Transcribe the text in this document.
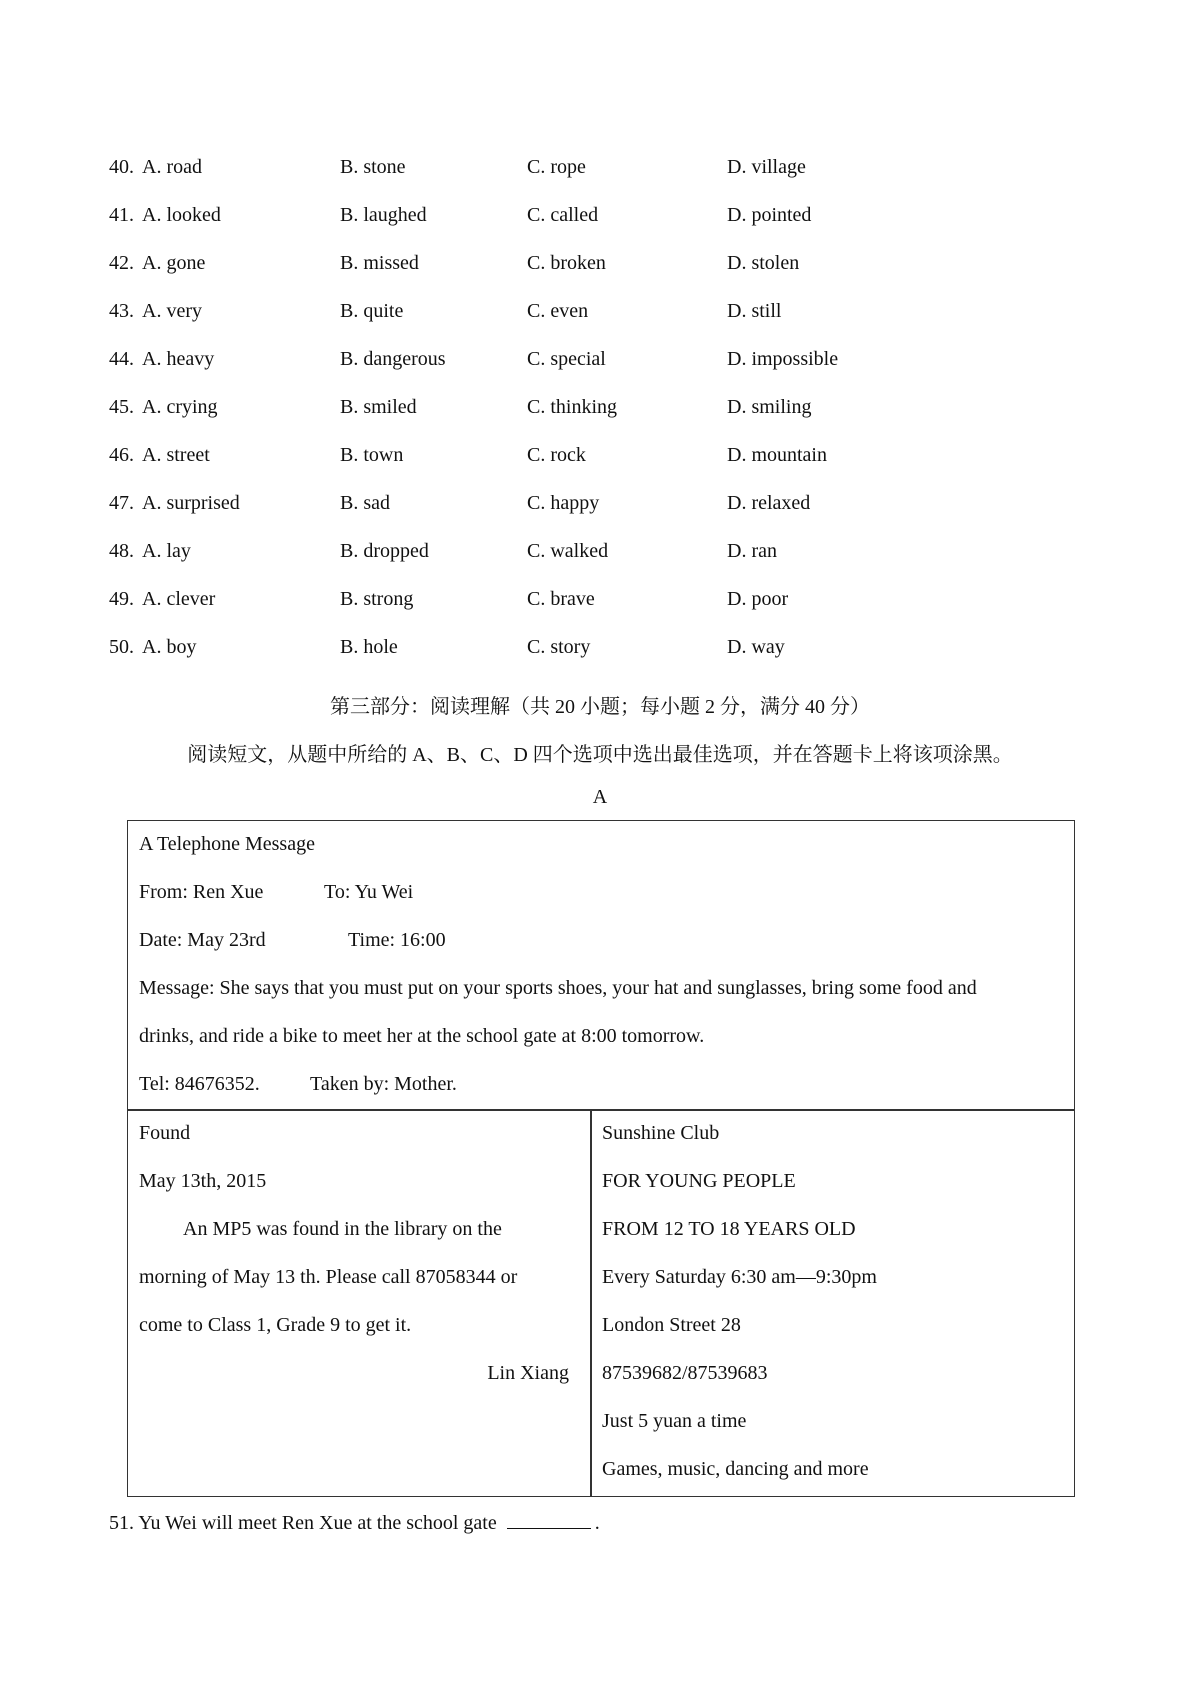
40. A. road	B. stone	C. rope	D. village
41. A. looked	B. laughed	C. called	D. pointed
42. A. gone	B. missed	C. broken	D. stolen
43. A. very	B. quite	C. even	D. still
44. A. heavy	B. dangerous	C. special	D. impossible
45. A. crying	B. smiled	C. thinking	D. smiling
46. A. street	B. town	C. rock	D. mountain
47. A. surprised	B. sad	C. happy	D. relaxed
48. A. lay	B. dropped	C. walked	D. ran
49. A. clever	B. strong	C. brave	D. poor
50. A. boy	B. hole	C. story	D. way
第三部分：阅读理解（共 20 小题；每小题 2 分，满分 40 分）
阅读短文，从题中所给的 A、B、C、D 四个选项中选出最佳选项，并在答题卡上将该项涂黑。
A
A Telephone Message
From: Ren Xue	To: Yu Wei
Date: May 23rd	Time: 16:00
Message: She says that you must put on your sports shoes, your hat and sunglasses, bring some food and
drinks, and ride a bike to meet her at the school gate at 8:00 tomorrow.
Tel: 84676352.	Taken by: Mother.
Found
May 13th, 2015
An MP5 was found in the library on the
morning of May 13 th. Please call 87058344 or
come to Class 1, Grade 9 to get it.
Lin Xiang
Sunshine Club
FOR YOUNG PEOPLE
FROM 12 TO 18 YEARS OLD
Every Saturday 6:30 am—9:30pm
London Street 28
87539682/87539683
Just 5 yuan a time
Games, music, dancing and more
51. Yu Wei will meet Ren Xue at the school gate	.
